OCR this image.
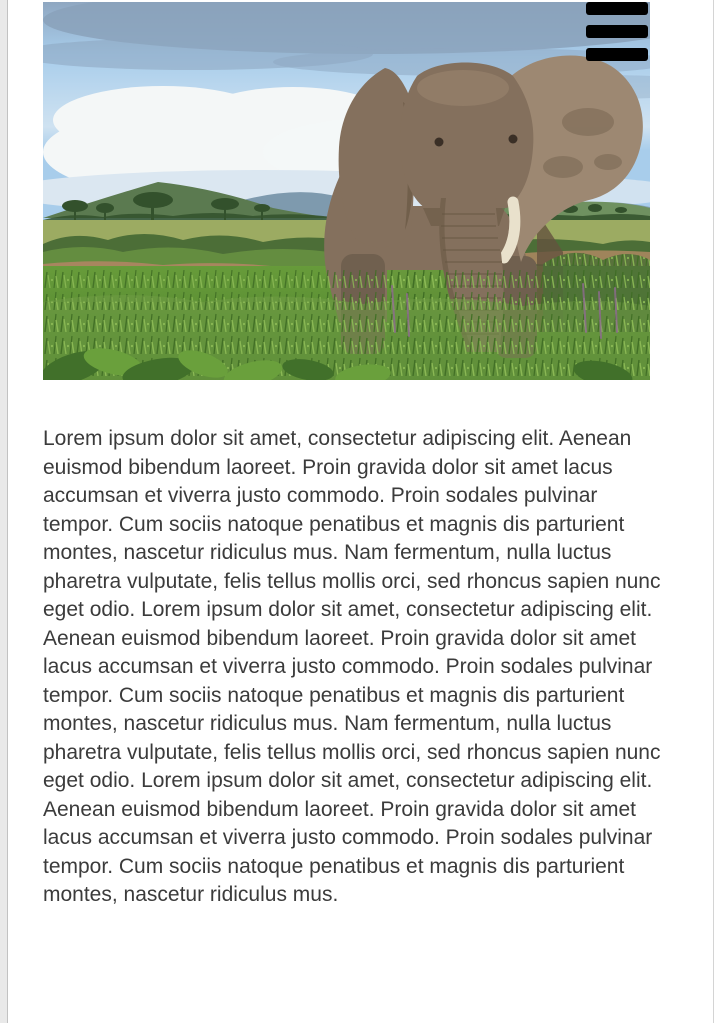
Lorem ipsum dolor sit amet, consectetur adipiscing elit. Aenean euismod bibendum laoreet. Proin gravida dolor sit amet lacus accumsan et viverra justo commodo. Proin sodales pulvinar tempor. Cum sociis natoque penatibus et magnis dis parturient montes, nascetur ridiculus mus. Nam fermentum, nulla luctus pharetra vulputate, felis tellus mollis orci, sed rhoncus sapien nunc eget odio. Lorem ipsum dolor sit amet, consectetur adipiscing elit. Aenean euismod bibendum laoreet. Proin gravida dolor sit amet lacus accumsan et viverra justo commodo. Proin sodales pulvinar tempor. Cum sociis natoque penatibus et magnis dis parturient montes, nascetur ridiculus mus. Nam fermentum, nulla luctus pharetra vulputate, felis tellus mollis orci, sed rhoncus sapien nunc eget odio. Lorem ipsum dolor sit amet, consectetur adipiscing elit. Aenean euismod bibendum laoreet. Proin gravida dolor sit amet lacus accumsan et viverra justo commodo. Proin sodales pulvinar tempor. Cum sociis natoque penatibus et magnis dis parturient montes, nascetur ridiculus mus.
